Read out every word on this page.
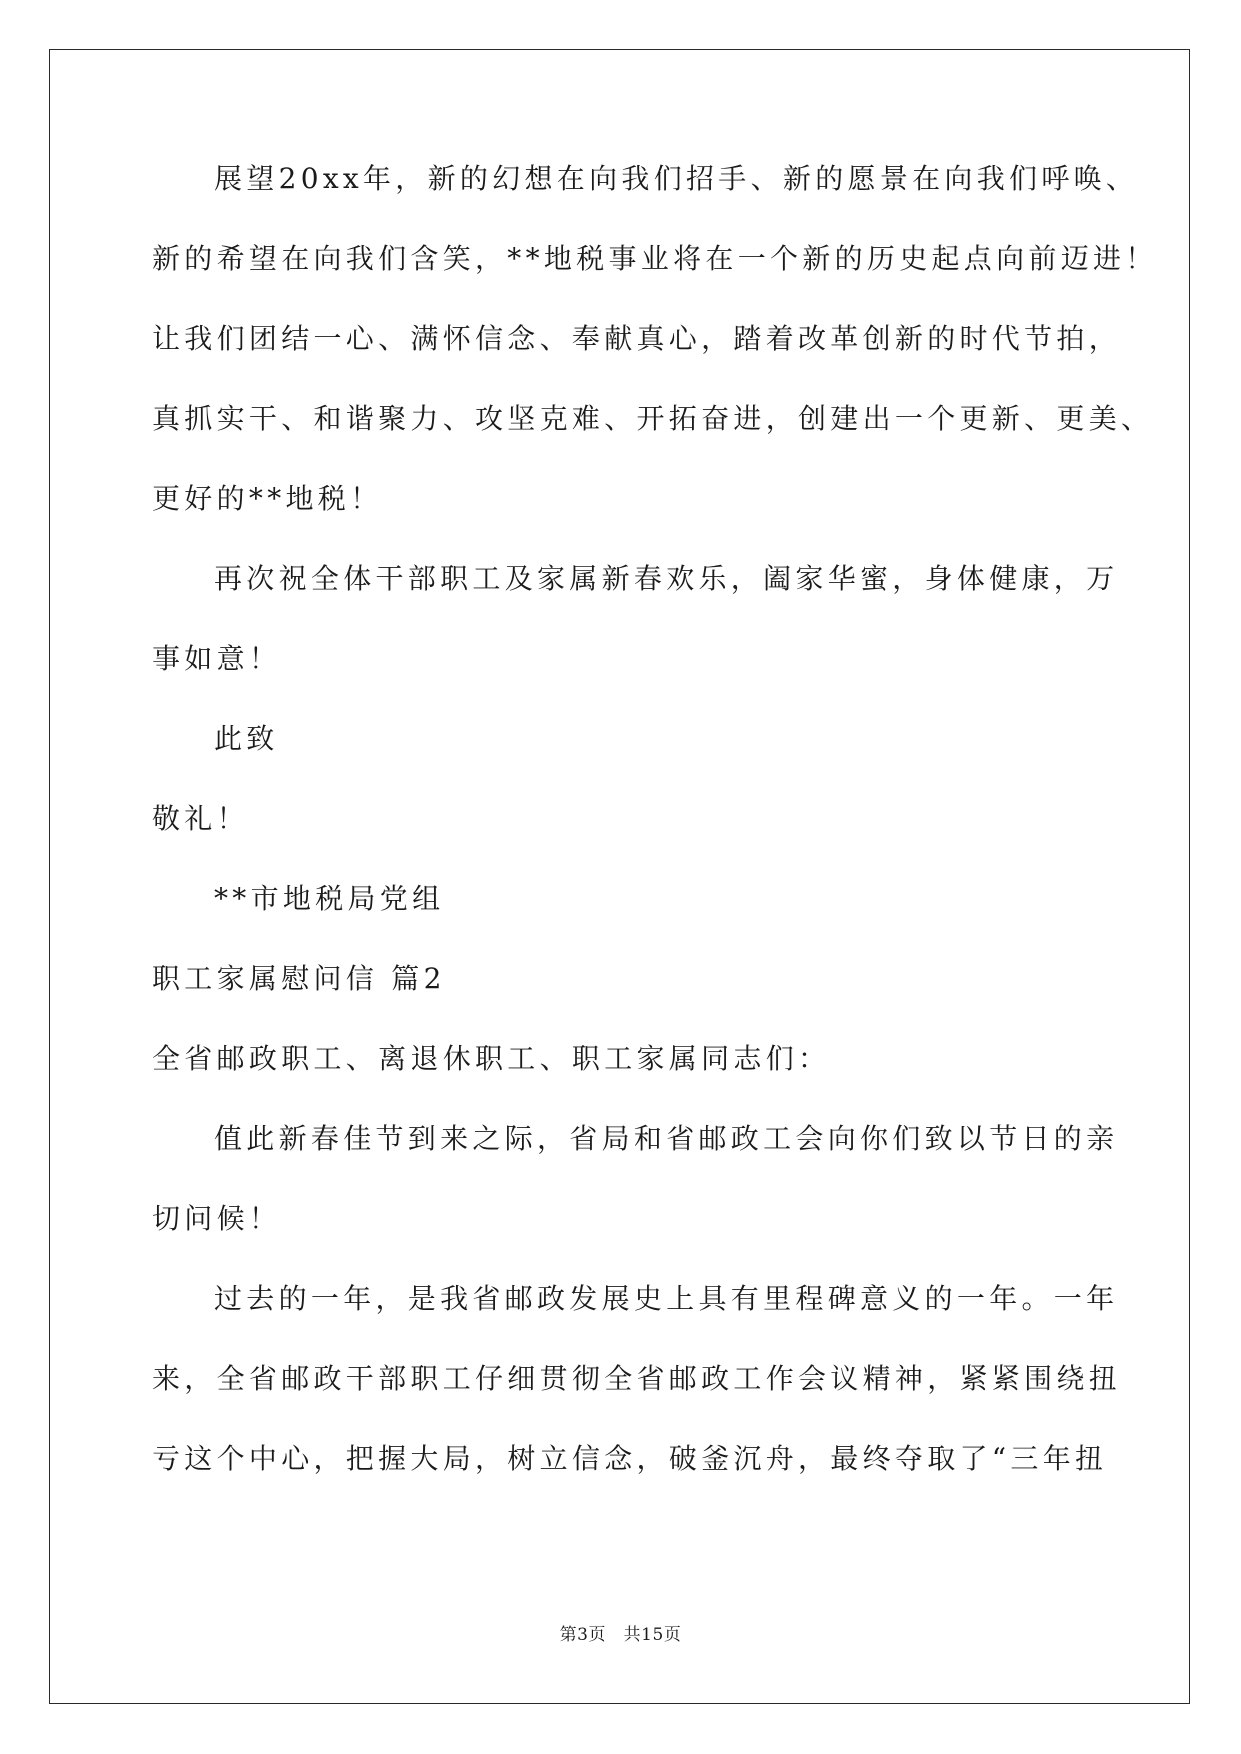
展望20xx年，新的幻想在向我们招手、新的愿景在向我们呼唤、
新的希望在向我们含笑，**地税事业将在一个新的历史起点向前迈进！
让我们团结一心、满怀信念、奉献真心，踏着改革创新的时代节拍，
真抓实干、和谐聚力、攻坚克难、开拓奋进，创建出一个更新、更美、
更好的**地税！
再次祝全体干部职工及家属新春欢乐，阖家华蜜，身体健康，万
事如意！
此致
敬礼！
**市地税局党组
职工家属慰问信 篇2
全省邮政职工、离退休职工、职工家属同志们：
值此新春佳节到来之际，省局和省邮政工会向你们致以节日的亲
切问候！
过去的一年，是我省邮政发展史上具有里程碑意义的一年。一年
来，全省邮政干部职工仔细贯彻全省邮政工作会议精神，紧紧围绕扭
亏这个中心，把握大局，树立信念，破釜沉舟，最终夺取了“三年扭
第3页   共15页
